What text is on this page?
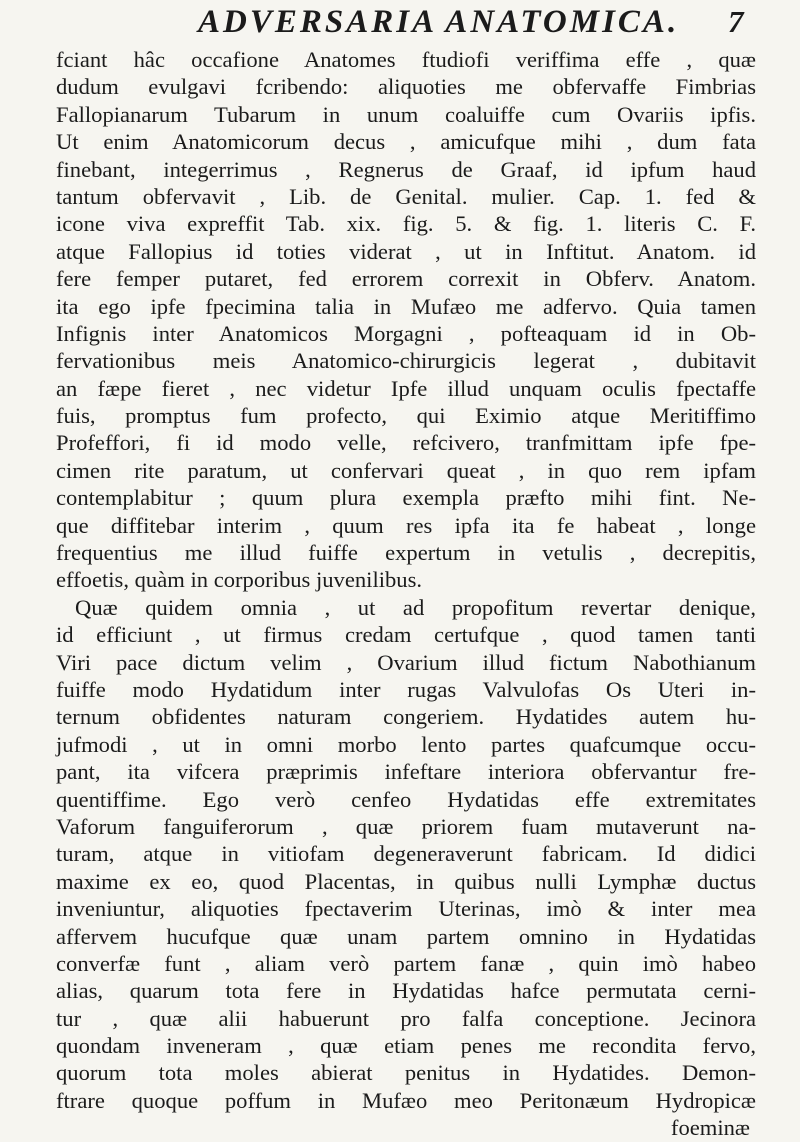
ADVERSARIA ANATOMICA. 7
fciant hâc occafione Anatomes ftudiofi veriffima effe , quæ
dudum evulgavi fcribendo: aliquoties me obfervaffe Fimbrias
Fallopianarum Tubarum in unum coaluiffe cum Ovariis ipfis.
Ut enim Anatomicorum decus , amicufque mihi , dum fata
finebant, integerrimus , Regnerus de Graaf, id ipfum haud
tantum obfervavit , Lib. de Genital. mulier. Cap. 1. fed &
icone viva expreffit Tab. xix. fig. 5. & fig. 1. literis C. F.
atque Fallopius id toties viderat , ut in Inftitut. Anatom. id
fere femper putaret, fed errorem correxit in Obferv. Anatom.
ita ego ipfe fpecimina talia in Mufæo me adfervo. Quia tamen
Infignis inter Anatomicos Morgagni , pofteaquam id in Ob-
fervationibus meis Anatomico-chirurgicis legerat , dubitavit
an fæpe fieret , nec videtur Ipfe illud unquam oculis fpectaffe
fuis, promptus fum profecto, qui Eximio atque Meritiffimo
Profeffori, fi id modo velle, refcivero, tranfmittam ipfe fpe-
cimen rite paratum, ut confervari queat , in quo rem ipfam
contemplabitur ; quum plura exempla præfto mihi fint. Ne-
que diffitebar interim , quum res ipfa ita fe habeat , longe
frequentius me illud fuiffe expertum in vetulis , decrepitis,
effoetis, quàm in corporibus juvenilibus.
Quæ quidem omnia , ut ad propofitum revertar denique,
id efficiunt , ut firmus credam certufque , quod tamen tanti
Viri pace dictum velim , Ovarium illud fictum Nabothianum
fuiffe modo Hydatidum inter rugas Valvulofas Os Uteri in-
ternum obfidentes naturam congeriem. Hydatides autem hu-
jufmodi , ut in omni morbo lento partes quafcumque occu-
pant, ita vifcera præprimis infeftare interiora obfervantur fre-
quentiffime. Ego verò cenfeo Hydatidas effe extremitates
Vaforum fanguiferorum , quæ priorem fuam mutaverunt na-
turam, atque in vitiofam degeneraverunt fabricam. Id didici
maxime ex eo, quod Placentas, in quibus nulli Lymphæ ductus
inveniuntur, aliquoties fpectaverim Uterinas, imò & inter mea
affervem hucufque quæ unam partem omnino in Hydatidas
converfæ funt , aliam verò partem fanæ , quin imò habeo
alias, quarum tota fere in Hydatidas hafce permutata cerni-
tur , quæ alii habuerunt pro falfa conceptione. Jecinora
quondam inveneram , quæ etiam penes me recondita fervo,
quorum tota moles abierat penitus in Hydatides. Demon-
ftrare quoque poffum in Mufæo meo Peritonæum Hydropicæ
foeminæ
